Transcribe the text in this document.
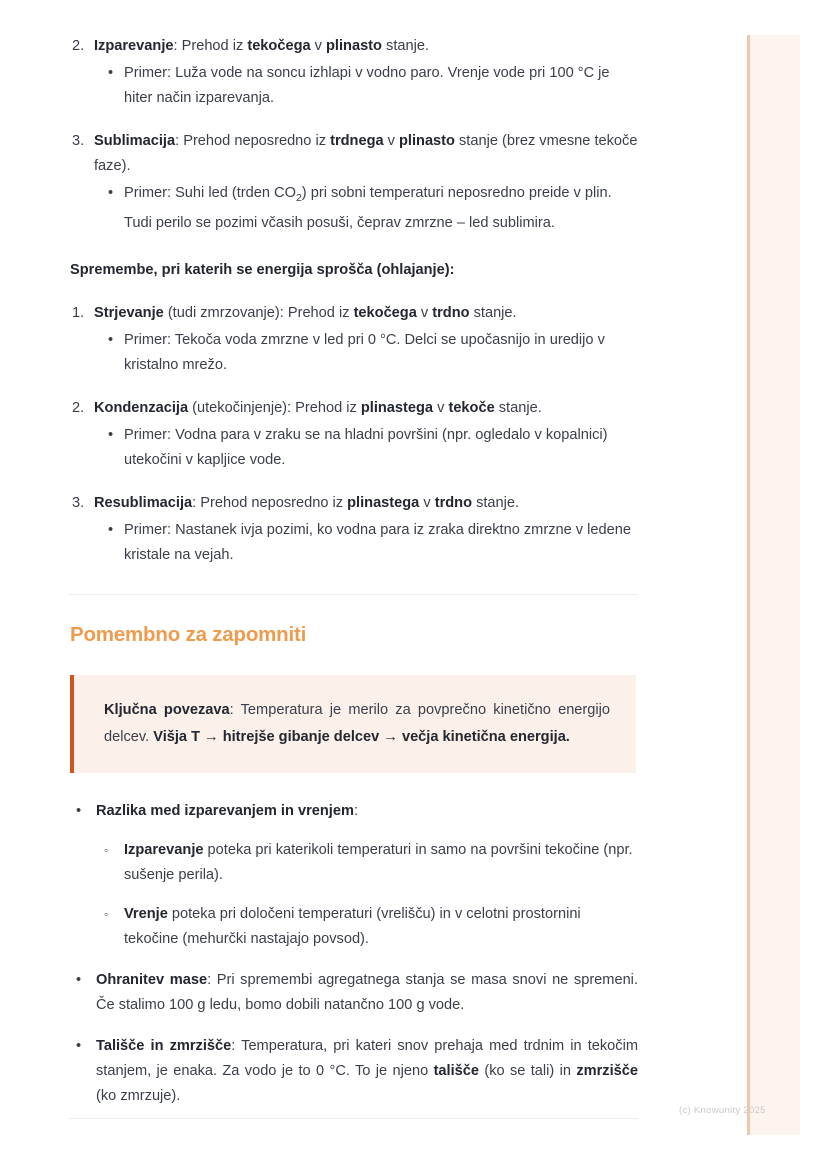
2. Izparevanje: Prehod iz tekočega v plinasto stanje.
• Primer: Luža vode na soncu izhlapi v vodno paro. Vrenje vode pri 100 °C je hiter način izparevanja.
3. Sublimacija: Prehod neposredno iz trdnega v plinasto stanje (brez vmesne tekoče faze).
• Primer: Suhi led (trden $CO_2$) pri sobni temperaturi neposredno preide v plin. Tudi perilo se pozimi včasih posuši, čeprav zmrzne – led sublimira.
Spremembe, pri katerih se energija sprošča (ohlajanje):
1. Strjevanje (tudi zmrzovanje): Prehod iz tekočega v trdno stanje.
• Primer: Tekoča voda zmrzne v led pri 0 °C. Delci se upočasnijo in uredijo v kristalno mrežo.
2. Kondenzacija (utekočinjenje): Prehod iz plinastega v tekoče stanje.
• Primer: Vodna para v zraku se na hladni površini (npr. ogledalo v kopalnici) utekočini v kapljice vode.
3. Resublimacija: Prehod neposredno iz plinastega v trdno stanje.
• Primer: Nastanek ivja pozimi, ko vodna para iz zraka direktno zmrzne v ledene kristale na vejah.
Pomembno za zapomniti

Ključna povezava: Temperatura je merilo za povprečno kinetično energijo delcev. Višja T → hitrejše gibanje delcev → večja kinetična energija.

• Razlika med izparevanjem in vrenjem:
◦ Izparevanje poteka pri katerikoli temperaturi in samo na površini tekočine (npr. sušenje perila).
◦ Vrenje poteka pri določeni temperaturi (vrelišču) in v celotni prostornini tekočine (mehurčki nastajajo povsod).
• Ohranitev mase: Pri spremembi agregatnega stanja se masa snovi ne spremeni. Če stalimo 100 g ledu, bomo dobili natančno 100 g vode.
• Tališče in zmrzišče: Temperatura, pri kateri snov prehaja med trdnim in tekočim stanjem, je enaka. Za vodo je to 0 °C. To je njeno tališče (ko se tali) in zmrzišče (ko zmrzuje).
(c) Knowunity 2025
